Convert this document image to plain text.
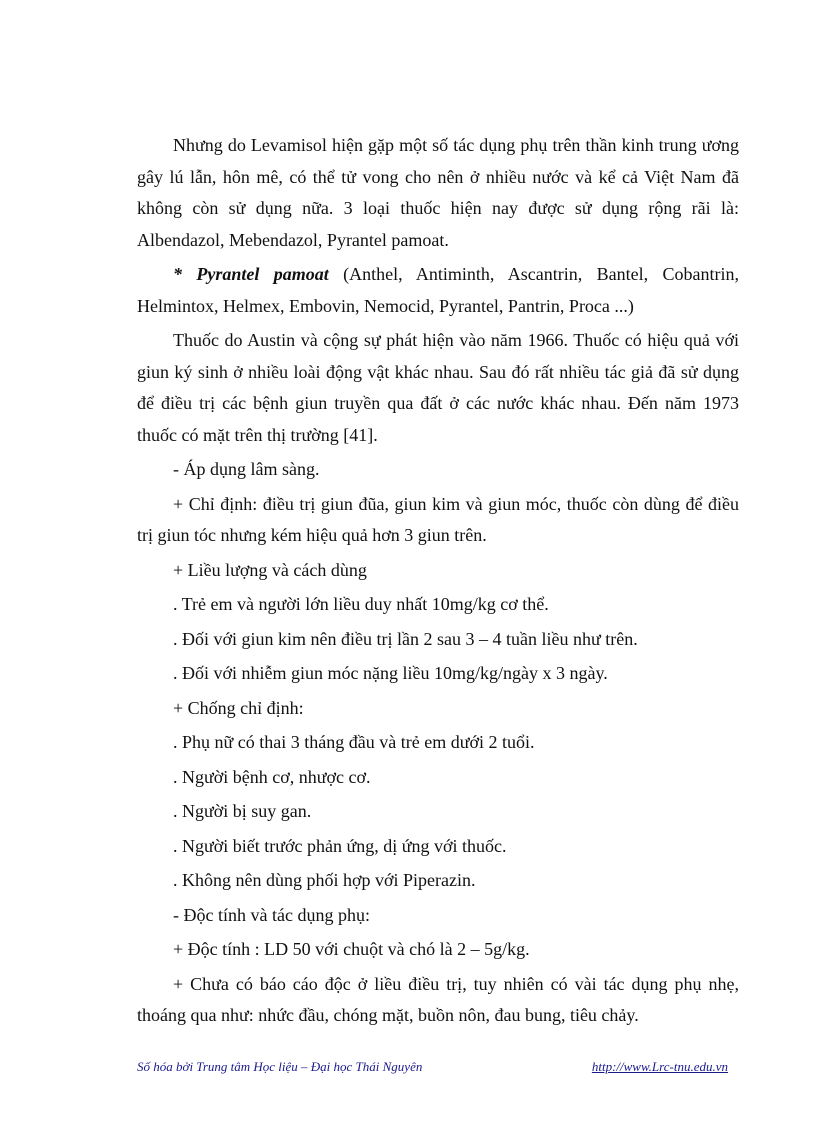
Nhưng do Levamisol hiện gặp một số tác dụng phụ trên thần kinh trung ương gây lú lẫn, hôn mê, có thể tử vong cho nên ở nhiều nước và kể cả Việt Nam đã không còn sử dụng nữa. 3 loại thuốc hiện nay được sử dụng rộng rãi là: Albendazol, Mebendazol, Pyrantel pamoat.

* Pyrantel pamoat (Anthel, Antiminth, Ascantrin, Bantel, Cobantrin, Helmintox, Helmex, Embovin, Nemocid, Pyrantel, Pantrin, Proca ...)

Thuốc do Austin và cộng sự phát hiện vào năm 1966. Thuốc có hiệu quả với giun ký sinh ở nhiều loài động vật khác nhau. Sau đó rất nhiều tác giả đã sử dụng để điều trị các bệnh giun truyền qua đất ở các nước khác nhau. Đến năm 1973 thuốc có mặt trên thị trường [41].

- Áp dụng lâm sàng.

+ Chỉ định: điều trị giun đũa, giun kim và giun móc, thuốc còn dùng để điều trị giun tóc nhưng kém hiệu quả hơn 3 giun trên.

+ Liều lượng và cách dùng

. Trẻ em và người lớn liều duy nhất 10mg/kg cơ thể.

. Đối với giun kim nên điều trị lần 2 sau 3 – 4 tuần liều như trên.

. Đối với nhiễm giun móc nặng liều 10mg/kg/ngày x 3 ngày.

+ Chống chỉ định:

. Phụ nữ có thai 3 tháng đầu và trẻ em dưới 2 tuổi.

. Người bệnh cơ, nhược cơ.

. Người bị suy gan.

. Người biết trước phản ứng, dị ứng với thuốc.

. Không nên dùng phối hợp với Piperazin.

- Độc tính và tác dụng phụ:

+ Độc tính : LD 50 với chuột và chó là 2 – 5g/kg.

+ Chưa có báo cáo độc ở liều điều trị, tuy nhiên có vài tác dụng phụ nhẹ, thoáng qua như: nhức đầu, chóng mặt, buồn nôn, đau bung, tiêu chảy.

Số hóa bởi Trung tâm Học liệu – Đại học Thái Nguyên	http://www.Lrc-tnu.edu.vn
